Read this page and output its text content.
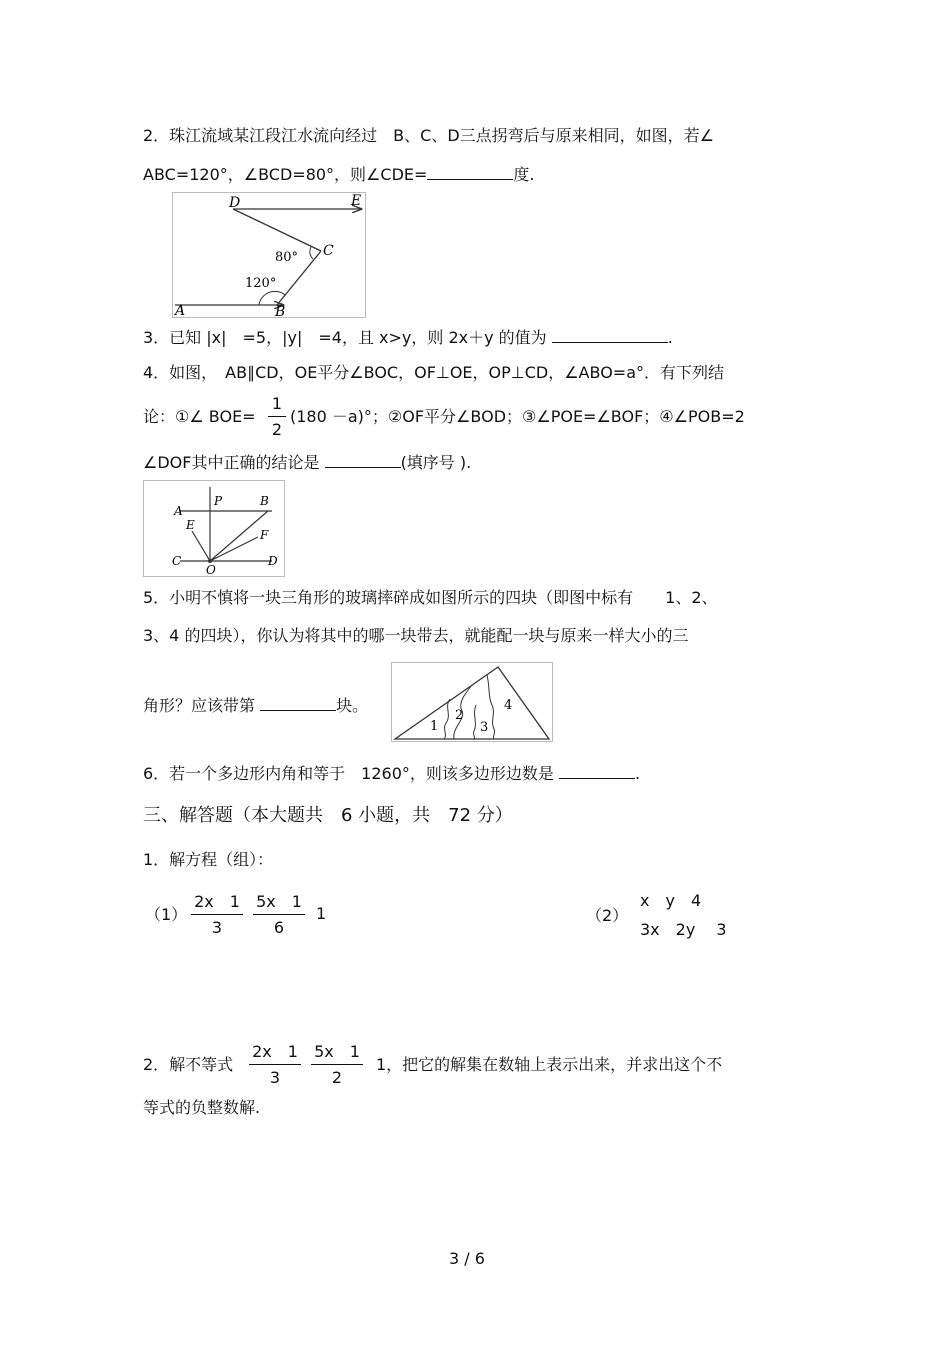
2．珠江流域某江段江水流向经过　B、C、D三点拐弯后与原来相同，如图，若∠
ABC=120°，∠BCD=80°，则∠CDE=	度.
D	E
C
A	B
80°
120°
3．已知 |x|　=5，|y|　=4，且 x>y，则 2x＋y 的值为	.
4．如图，　AB∥CD，OE平分∠BOC，OF⊥OE，OP⊥CD，∠ABO=a°．有下列结
论：①∠ $BOE= \frac{1}{2} (180 -a)^\circ$；②OF平分∠BOD；③∠POE=∠BOF；④∠POB=2
∠DOF其中正确的结论是	(填序号 ).
A
P	B
E
F
C
O
D
5．小明不慎将一块三角形的玻璃摔碎成如图所示的四块（即图中标有　　1、2、
3、4 的四块），你认为将其中的哪一块带去，就能配一块与原来一样大小的三
角形？应该带第	块。
1
2
3
4
6．若一个多边形内角和等于　1260°，则该多边形边数是	.
三、解答题（本大题共　6 小题，共　72 分）
1．解方程（组）：
$(1) \frac{2x 1}{3} \frac{5x 1}{6} 1$	（2）
x　y　4
3x　2y　 3
2．解不等式 $\frac{2x 1}{3} \frac{5x 1}{2} 1$，把它的解集在数轴上表示出来，并求出这个不
等式的负整数解.
3 / 6
